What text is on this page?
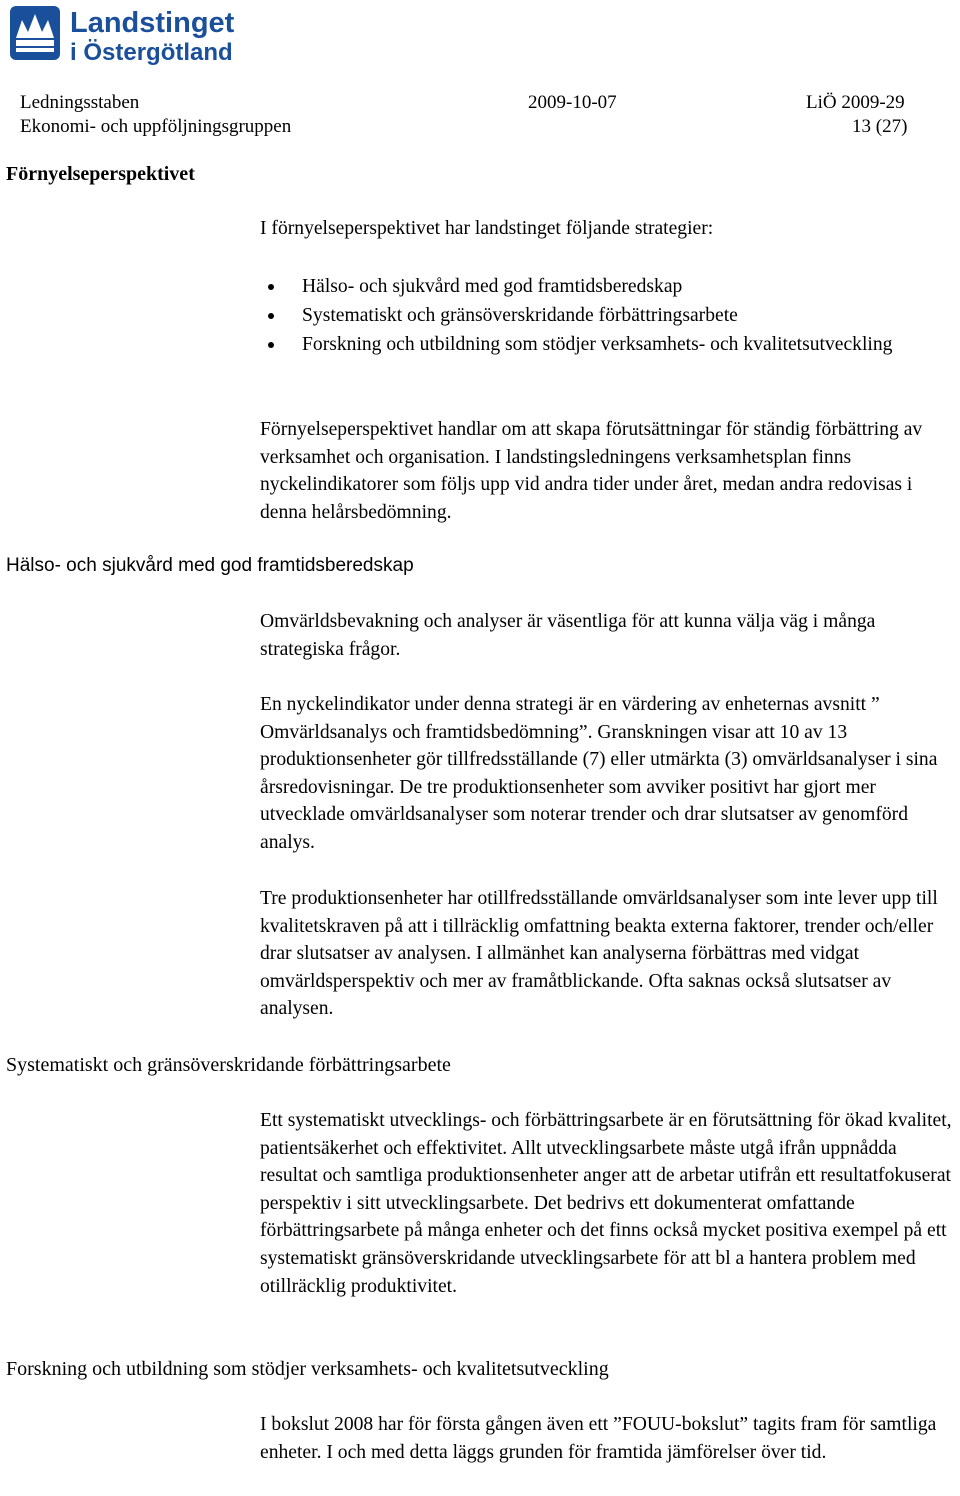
Landstinget
i Östergötland
Ledningsstaben	2009-10-07	LiÖ 2009-29
Ekonomi- och uppföljningsgruppen	13 (27)
Förnyelseperspektivet

I förnyelseperspektivet har landstinget följande strategier:

Hälso- och sjukvård med god framtidsberedskap
Systematiskt och gränsöverskridande förbättringsarbete
Forskning och utbildning som stödjer verksamhets- och kvalitetsutveckling

Förnyelseperspektivet handlar om att skapa förutsättningar för ständig förbättring av verksamhet och organisation. I landstingsledningens verksamhetsplan finns nyckelindikatorer som följs upp vid andra tider under året, medan andra redovisas i denna helårsbedömning.

Hälso- och sjukvård med god framtidsberedskap

Omvärldsbevakning och analyser är väsentliga för att kunna välja väg i många strategiska frågor.

En nyckelindikator under denna strategi är en värdering av enheternas avsnitt ” Omvärldsanalys och framtidsbedömning”. Granskningen visar att 10 av 13 produktionsenheter gör tillfredsställande (7) eller utmärkta (3) omvärldsanalyser i sina årsredovisningar. De tre produktionsenheter som avviker positivt har gjort mer utvecklade omvärldsanalyser som noterar trender och drar slutsatser av genomförd analys.

Tre produktionsenheter har otillfredsställande omvärldsanalyser som inte lever upp till kvalitetskraven på att i tillräcklig omfattning beakta externa faktorer, trender och/eller drar slutsatser av analysen. I allmänhet kan analyserna förbättras med vidgat omvärldsperspektiv och mer av framåtblickande. Ofta saknas också slutsatser av analysen.

Systematiskt och gränsöverskridande förbättringsarbete

Ett systematiskt utvecklings- och förbättringsarbete är en förutsättning för ökad kvalitet, patientsäkerhet och effektivitet. Allt utvecklingsarbete måste utgå ifrån uppnådda resultat och samtliga produktionsenheter anger att de arbetar utifrån ett resultatfokuserat perspektiv i sitt utvecklingsarbete. Det bedrivs ett dokumenterat omfattande förbättringsarbete på många enheter och det finns också mycket positiva exempel på ett systematiskt gränsöverskridande utvecklingsarbete för att bl a hantera problem med otillräcklig produktivitet.

Forskning och utbildning som stödjer verksamhets- och kvalitetsutveckling

I bokslut 2008 har för första gången även ett ”FOUU-bokslut” tagits fram för samtliga enheter. I och med detta läggs grunden för framtida jämförelser över tid.
